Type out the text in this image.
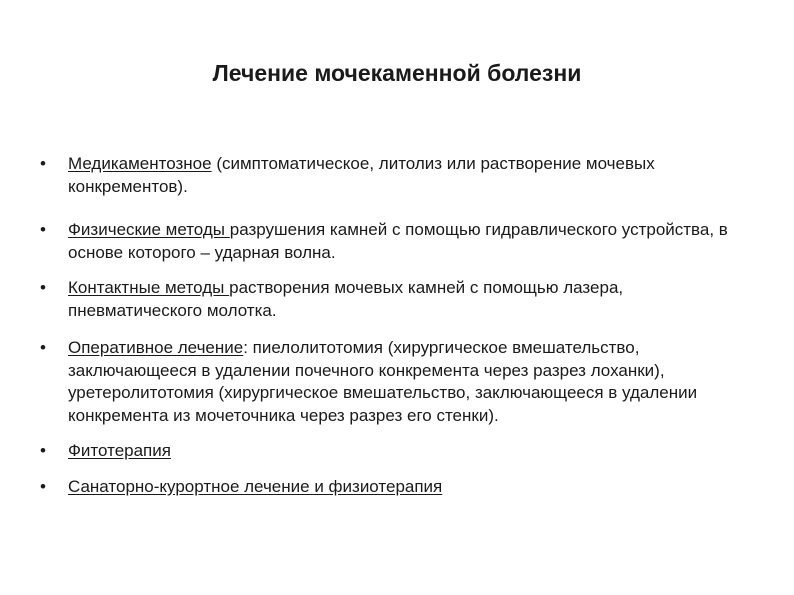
Лечение мочекаменной болезни
•	Медикаментозное (симптоматическое, литолиз или растворение мочевых конкрементов).
•	Физические методы разрушения камней с помощью гидравлического устройства, в основе которого – ударная волна.
•	Контактные методы растворения мочевых камней с помощью лазера, пневматического молотка.
•	Оперативное лечение: пиелолитотомия (хирургическое вмешательство, заключающееся в удалении почечного конкремента через разрез лоханки), уретеролитотомия (хирургическое вмешательство, заключающееся в удалении конкремента из мочеточника через разрез его стенки).
•	Фитотерапия
•	Санаторно-курортное лечение и физиотерапия
